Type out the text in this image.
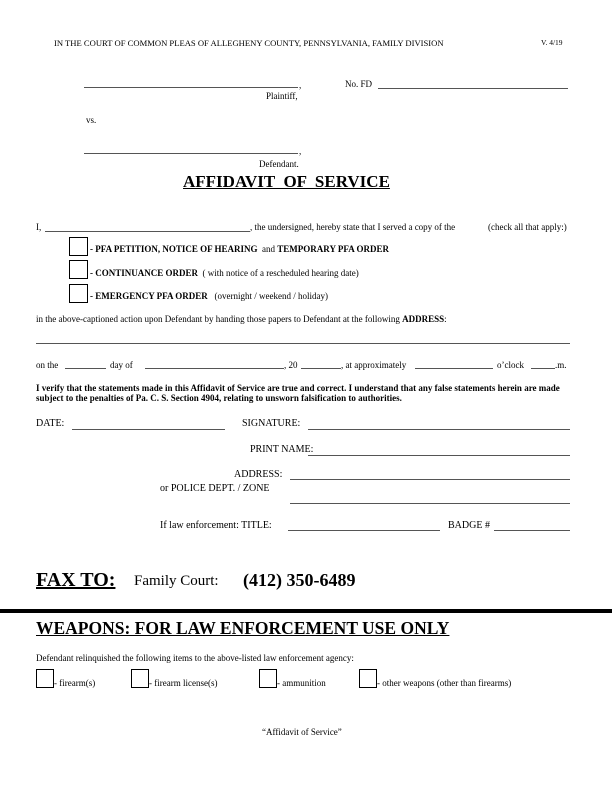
IN THE COURT OF COMMON PLEAS OF ALLEGHENY COUNTY, PENNSYLVANIA, FAMILY DIVISION	V. 4/19
,
Plaintiff,
No. FD
vs.
,
Defendant.
AFFIDAVIT  OF  SERVICE
I,	, the undersigned, hereby state that I served a copy of the	(check all that apply:)
- PFA PETITION, NOTICE OF HEARING and TEMPORARY PFA ORDER
- CONTINUANCE ORDER ( with notice of a rescheduled hearing date)
- EMERGENCY PFA ORDER (overnight / weekend / holiday)
in the above-captioned action upon Defendant by handing those papers to Defendant at the following ADDRESS:
on the	day of	, 20	, at approximately	o’clock	.m.
I verify that the statements made in this Affidavit of Service are true and correct. I understand that any false statements herein are made subject to the penalties of Pa. C. S. Section 4904, relating to unsworn falsification to authorities.
DATE:	SIGNATURE:
PRINT NAME:
ADDRESS:
or POLICE DEPT. / ZONE
If law enforcement: TITLE:	BADGE #
FAX TO: Family Court: (412) 350-6489
WEAPONS: FOR LAW ENFORCEMENT USE ONLY
Defendant relinquished the following items to the above-listed law enforcement agency:
- firearm(s)	- firearm license(s)	- ammunition	- other weapons (other than firearms)
“Affidavit of Service”
